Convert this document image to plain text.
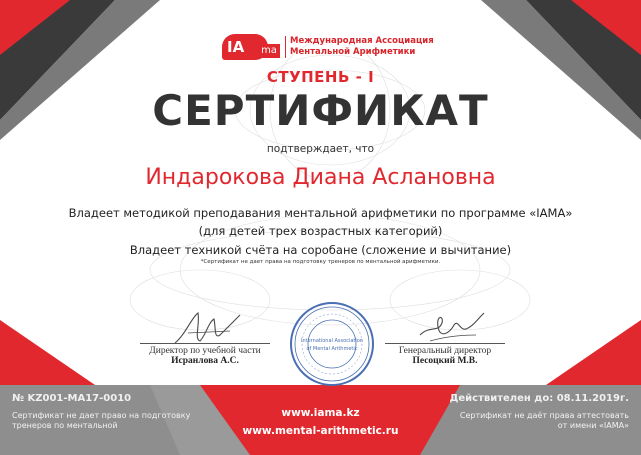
IA	ma
Международная Ассоциация
Ментальной Арифметики
СТУПЕНЬ - I
СЕРТИФИКАТ
подтверждает, что
Индарокова Диана Аслановна
Владеет методикой преподавания ментальной арифметики по программе «IAMA»
(для детей трех возрастных категорий)
Владеет техникой счёта на соробане (сложение и вычитание)
*Сертификат не дает права на подготовку тренеров по ментальной арифметики.
Директор по учебной части
Исранлова А.С.
Генеральный директор
Песоцкий М.В.
International Association
of Mental Arithmetic
№ KZ001-MA17-0010
Сертификат не дает право на подготовку тренеров по ментальной
www.iama.kz
www.mental-arithmetic.ru
Действителен до: 08.11.2019г.
Сертификат не даёт права аттестовать от имени «IAMA»
